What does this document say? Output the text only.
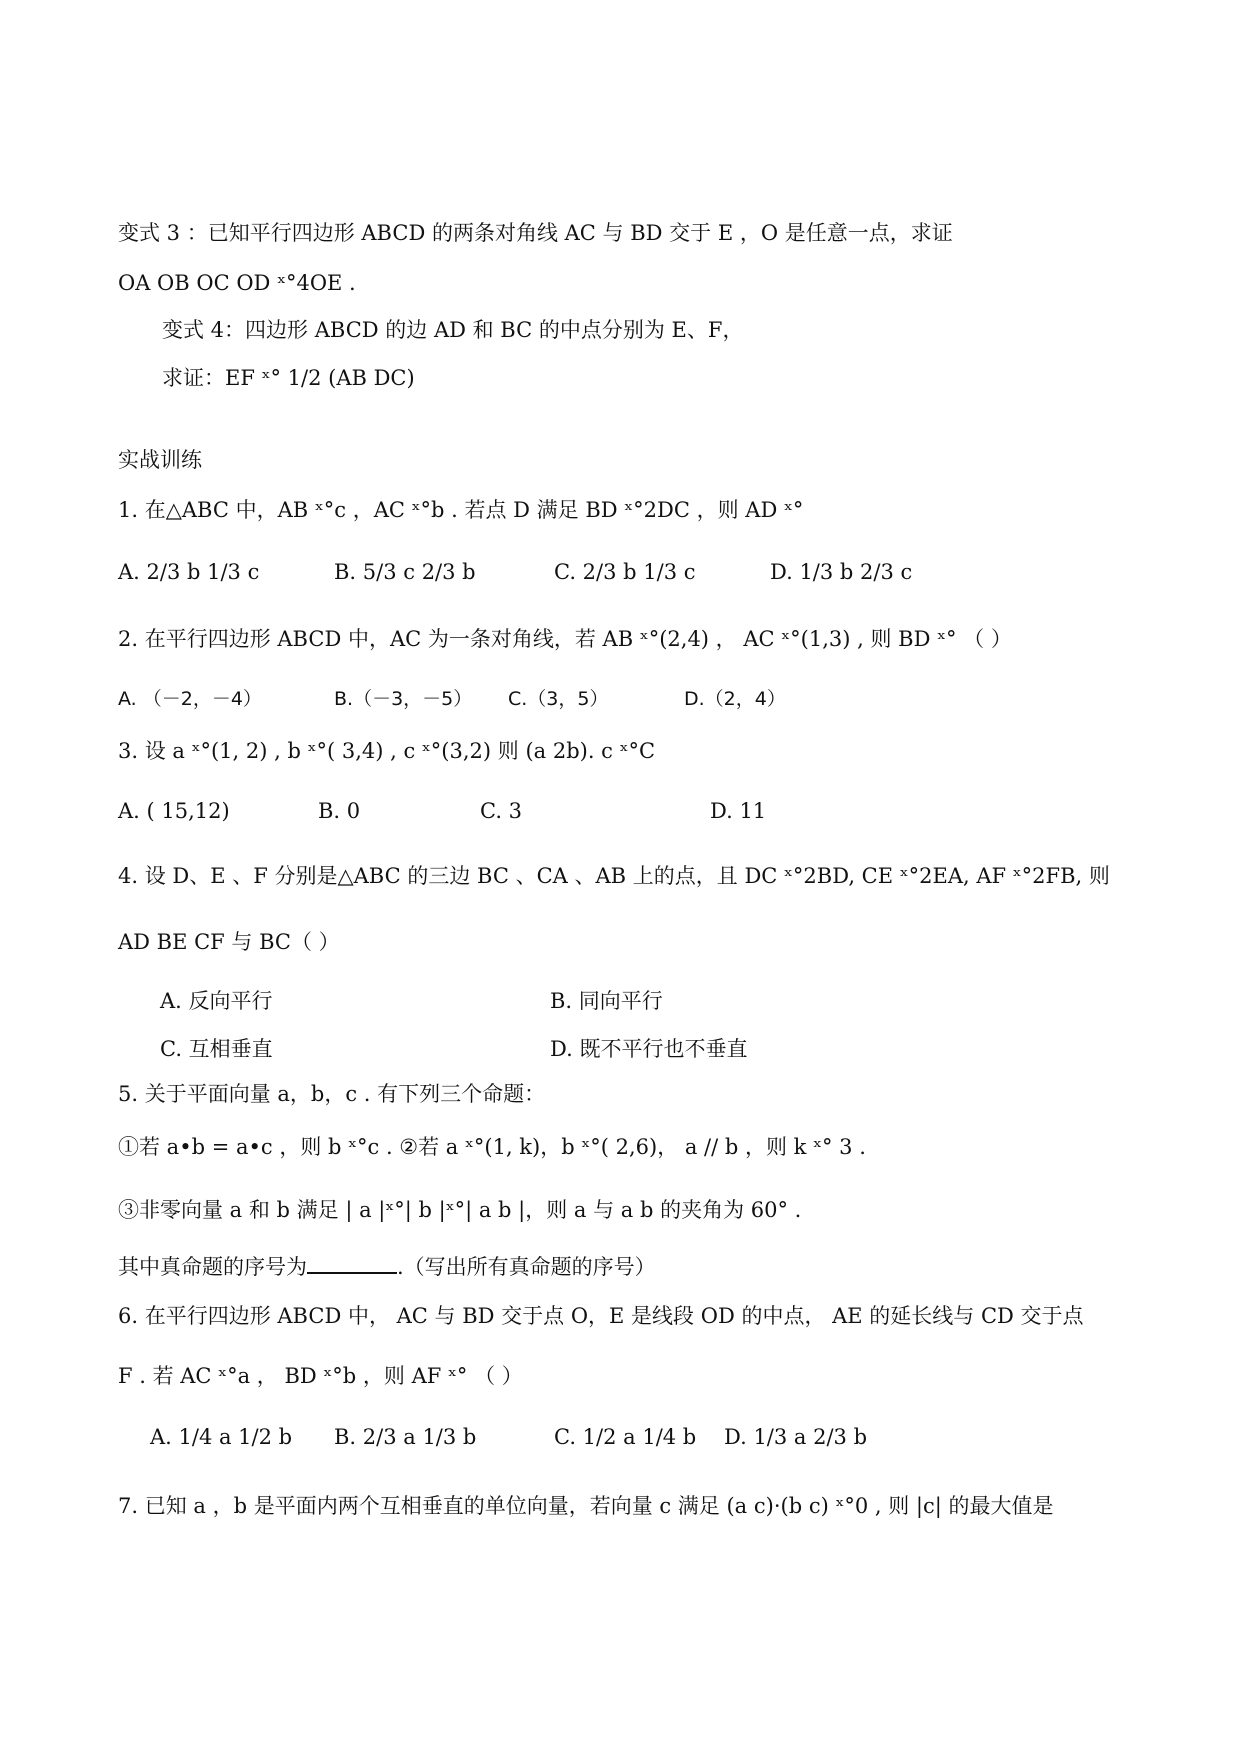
变式 3 ：已知平行四边形 ABCD 的两条对角线 AC 与 BD 交于 E ，O 是任意一点，求证
OA OB OC OD ˣ°4OE .
变式 4：四边形 ABCD 的边 AD 和 BC 的中点分别为 E、F，
求证：EF ˣ° 1/2 (AB DC)
实战训练
1. 在△ABC 中，AB ˣ°c ，AC ˣ°b . 若点 D 满足 BD ˣ°2DC ，则 AD ˣ°
A. 2/3 b 1/3 c	B. 5/3 c 2/3 b	C. 2/3 b 1/3 c	D. 1/3 b 2/3 c
2. 在平行四边形 ABCD 中，AC 为一条对角线，若 AB ˣ°(2,4) ， AC ˣ°(1,3) , 则 BD ˣ° （ ）
A. （－2，－4）	B.（－3，－5） C.（3，5）	D.（2，4）
3. 设 a ˣ°(1, 2) , b ˣ°( 3,4) , c ˣ°(3,2) 则 (a 2b). c ˣ°C
A. ( 15,12)	B. 0	C. 3	D. 11
4. 设 D、E 、F 分别是△ABC 的三边 BC 、CA 、AB 上的点，且 DC ˣ°2BD, CE ˣ°2EA, AF ˣ°2FB, 则
AD BE CF 与 BC（ ）
A. 反向平行	B. 同向平行
C. 互相垂直	D. 既不平行也不垂直
5. 关于平面向量 a，b，c . 有下列三个命题：
①若 a•b = a•c ，则 b ˣ°c . ②若 a ˣ°(1, k)，b ˣ°( 2,6)， a // b ，则 k ˣ° 3 .
③非零向量 a 和 b 满足 | a |ˣ°| b |ˣ°| a b |，则 a 与 a b 的夹角为 60° .
其中真命题的序号为	.（写出所有真命题的序号）
6. 在平行四边形 ABCD 中， AC 与 BD 交于点 O，E 是线段 OD 的中点， AE 的延长线与 CD 交于点
F . 若 AC ˣ°a ， BD ˣ°b ，则 AF ˣ° （ ）
A. 1/4 a 1/2 b B. 2/3 a 1/3 b	C. 1/2 a 1/4 b D. 1/3 a 2/3 b
7. 已知 a ，b 是平面内两个互相垂直的单位向量，若向量 c 满足 (a c)·(b c) ˣ°0 , 则 |c| 的最大值是
